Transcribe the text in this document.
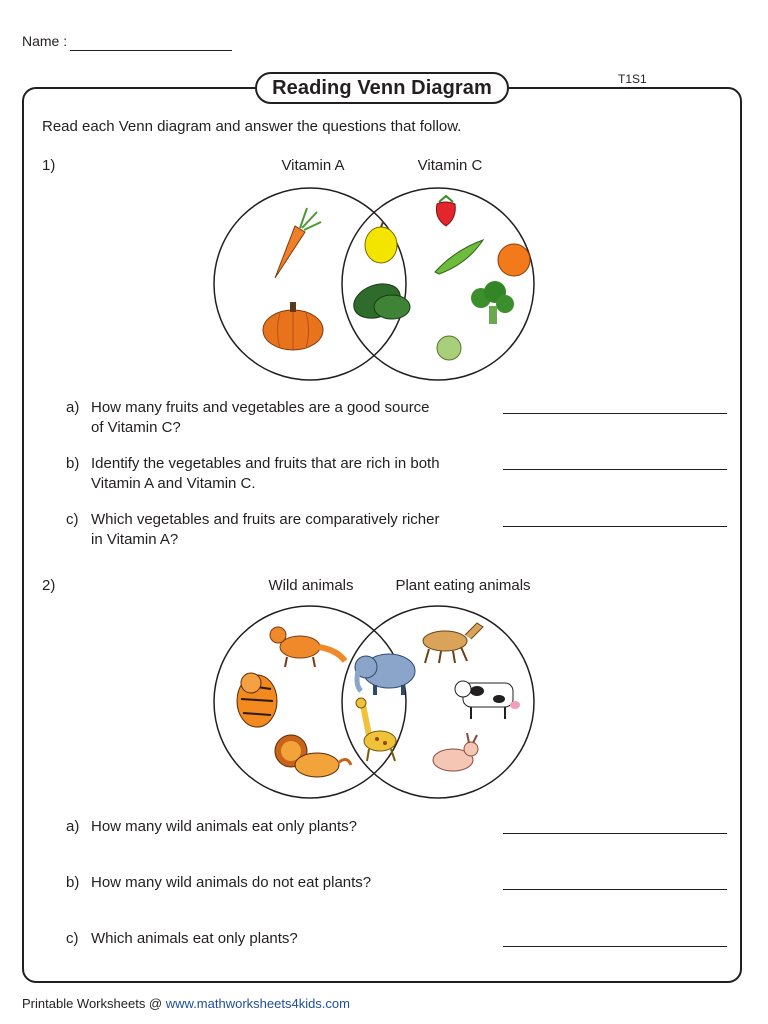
Name :
Reading Venn Diagram	T1S1
Read each Venn diagram and answer the questions that follow.
1)	Vitamin A	Vitamin C
a) How many fruits and vegetables are a good source
of Vitamin C?
b) Identify the vegetables and fruits that are rich in both
Vitamin A and Vitamin C.
c) Which vegetables and fruits are comparatively richer
in Vitamin A?
2)	Wild animals	Plant eating animals
a) How many wild animals eat only plants?
b) How many wild animals do not eat plants?
c) Which animals eat only plants?
Printable Worksheets @ www.mathworksheets4kids.com
